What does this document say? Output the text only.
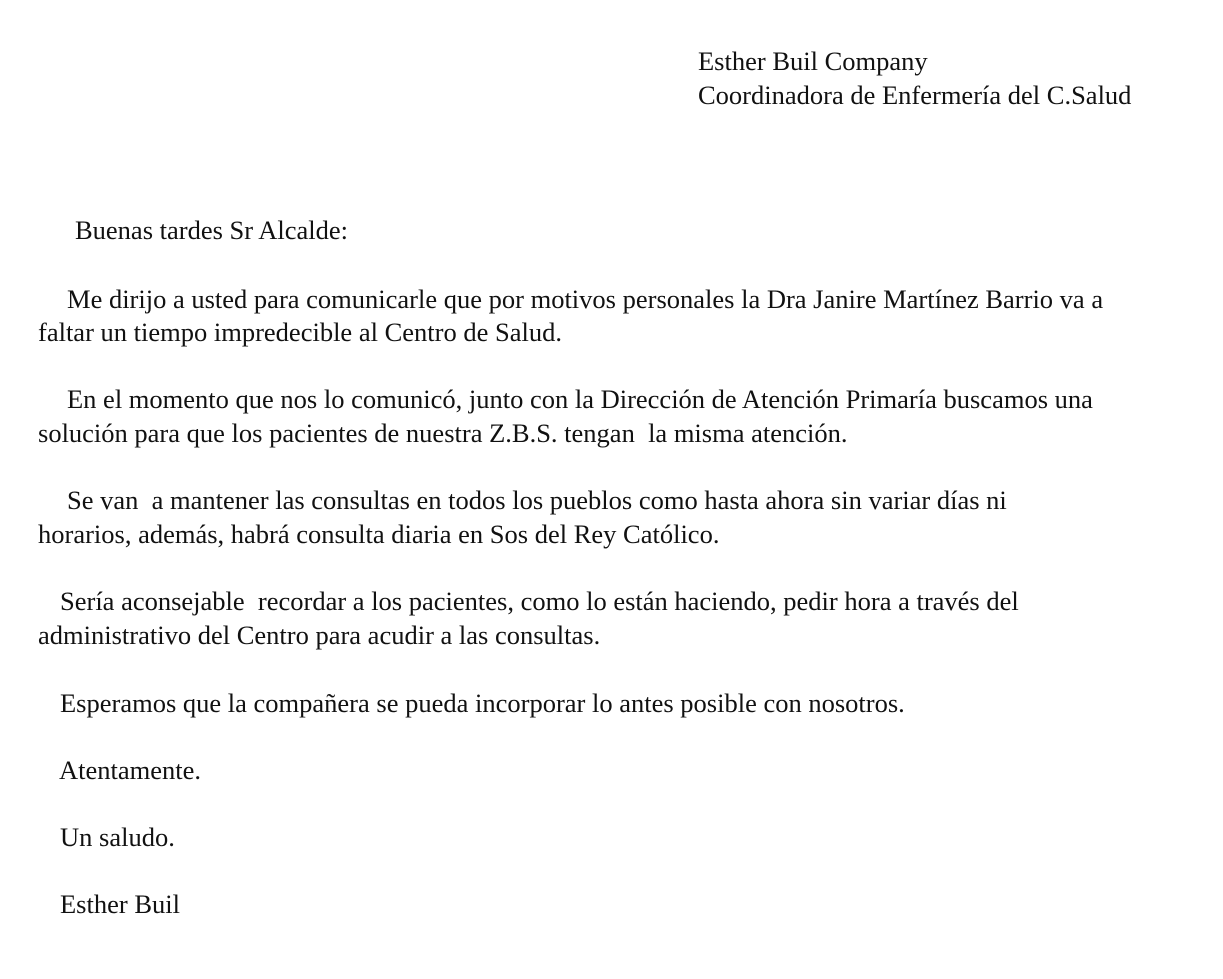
Esther Buil Company
Coordinadora de Enfermería del C.Salud
Buenas tardes Sr Alcalde:
Me dirijo a usted para comunicarle que por motivos personales la Dra Janire Martínez Barrio va a
faltar un tiempo impredecible al Centro de Salud.
En el momento que nos lo comunicó, junto con la Dirección de Atención Primaría buscamos una
solución para que los pacientes de nuestra Z.B.S. tengan  la misma atención.
Se van  a mantener las consultas en todos los pueblos como hasta ahora sin variar días ni
horarios, además, habrá consulta diaria en Sos del Rey Católico.
Sería aconsejable  recordar a los pacientes, como lo están haciendo, pedir hora a través del
administrativo del Centro para acudir a las consultas.
Esperamos que la compañera se pueda incorporar lo antes posible con nosotros.
Atentamente.
Un saludo.
Esther Buil
